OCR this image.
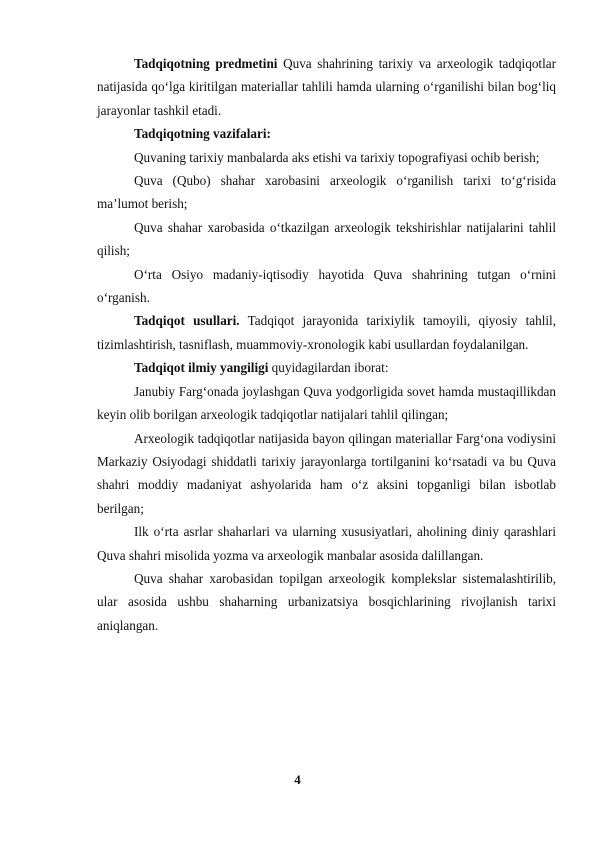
Tadqiqotning predmetini Quva shahrining tarixiy va arxeologik tadqiqotlar natijasida qo‘lga kiritilgan materiallar tahlili hamda ularning o‘rganilishi bilan bog‘liq jarayonlar tashkil etadi.

Tadqiqotning vazifalari:

Quvaning tarixiy manbalarda aks etishi va tarixiy topografiyasi ochib berish;

Quva (Qubo) shahar xarobasini arxeologik o‘rganilish tarixi to‘g‘risida ma’lumot berish;

Quva shahar xarobasida o‘tkazilgan arxeologik tekshirishlar natijalarini tahlil qilish;

O‘rta Osiyo madaniy-iqtisodiy hayotida Quva shahrining tutgan o‘rnini o‘rganish.

Tadqiqot usullari. Tadqiqot jarayonida tarixiylik tamoyili, qiyosiy tahlil, tizimlashtirish, tasniflash, muammoviy-xronologik kabi usullardan foydalanilgan.

Tadqiqot ilmiy yangiligi quyidagilardan iborat:

Janubiy Farg‘onada joylashgan Quva yodgorligida sovet hamda mustaqillikdan keyin olib borilgan arxeologik tadqiqotlar natijalari tahlil qilingan;

Arxeologik tadqiqotlar natijasida bayon qilingan materiallar Farg‘ona vodiysini Markaziy Osiyodagi shiddatli tarixiy jarayonlarga tortilganini ko‘rsatadi va bu Quva shahri moddiy madaniyat ashyolarida ham o‘z aksini topganligi bilan isbotlab berilgan;

Ilk o‘rta asrlar shaharlari va ularning xususiyatlari, aholining diniy qarashlari Quva shahri misolida yozma va arxeologik manbalar asosida dalillangan.

Quva shahar xarobasidan topilgan arxeologik komplekslar sistemalashtirilib, ular asosida ushbu shaharning urbanizatsiya bosqichlarining rivojlanish tarixi aniqlangan.

4
